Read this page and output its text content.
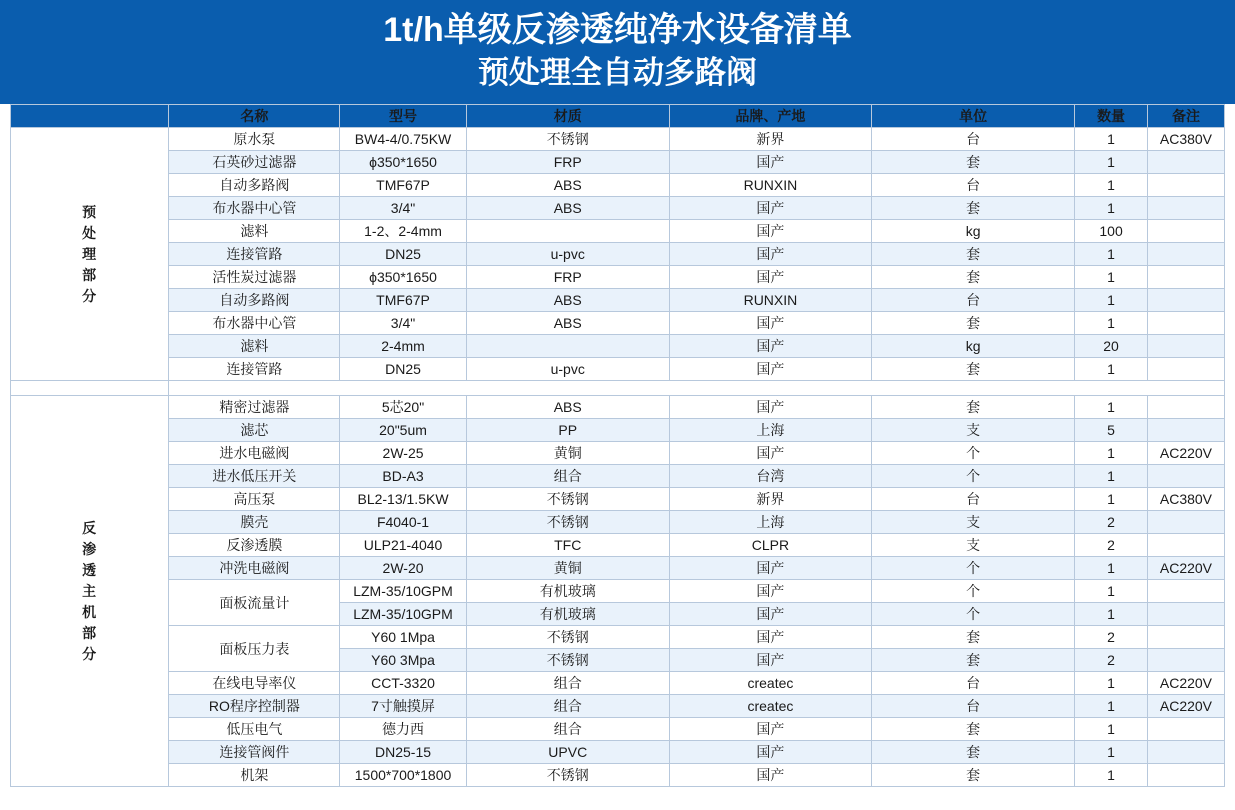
1t/h单级反渗透纯净水设备清单
预处理全自动多路阀
	名称	型号	材质	品牌、产地	单位	数量	备注

预
处
理
部
分	原水泵	BW4-4/0.75KW	不锈钢	新界	台	1	AC380V
	石英砂过滤器	ϕ350*1650	FRP	国产	套	1	
	自动多路阀	TMF67P	ABS	RUNXIN	台	1	
	布水器中心管	3/4"	ABS	国产	套	1	
	滤料	1-2、2-4mm		国产	kg	100	
	连接管路	DN25	u-pvc	国产	套	1	
	活性炭过滤器	ϕ350*1650	FRP	国产	套	1	
	自动多路阀	TMF67P	ABS	RUNXIN	台	1	
	布水器中心管	3/4"	ABS	国产	套	1	
	滤料	2-4mm		国产	kg	20	
	连接管路	DN25	u-pvc	国产	套	1	

反
渗
透
主
机
部
分
	精密过滤器	5芯20"	ABS	国产	套	1	
	滤芯	20"5um	PP	上海	支	5	
	进水电磁阀	2W-25	黄铜	国产	个	1	AC220V
	进水低压开关	BD-A3	组合	台湾	个	1	
	高压泵	BL2-13/1.5KW	不锈钢	新界	台	1	AC380V
	膜壳	F4040-1	不锈钢	上海	支	2	
	反渗透膜	ULP21-4040	TFC	CLPR	支	2	
	冲洗电磁阀	2W-20	黄铜	国产	个	1	AC220V
	面板流量计	LZM-35/10GPM	有机玻璃	国产	个	1	
		LZM-35/10GPM	有机玻璃	国产	个	1	
	面板压力表	Y60 1Mpa	不锈钢	国产	套	2	
		Y60 3Mpa	不锈钢	国产	套	2	
	在线电导率仪	CCT-3320	组合	createc	台	1	AC220V
	RO程序控制器	7寸触摸屏	组合	createc	台	1	AC220V
	低压电气	德力西	组合	国产	套	1	
	连接管阀件	DN25-15	UPVC	国产	套	1	
	机架	1500*700*1800	不锈钢	国产	套	1	
